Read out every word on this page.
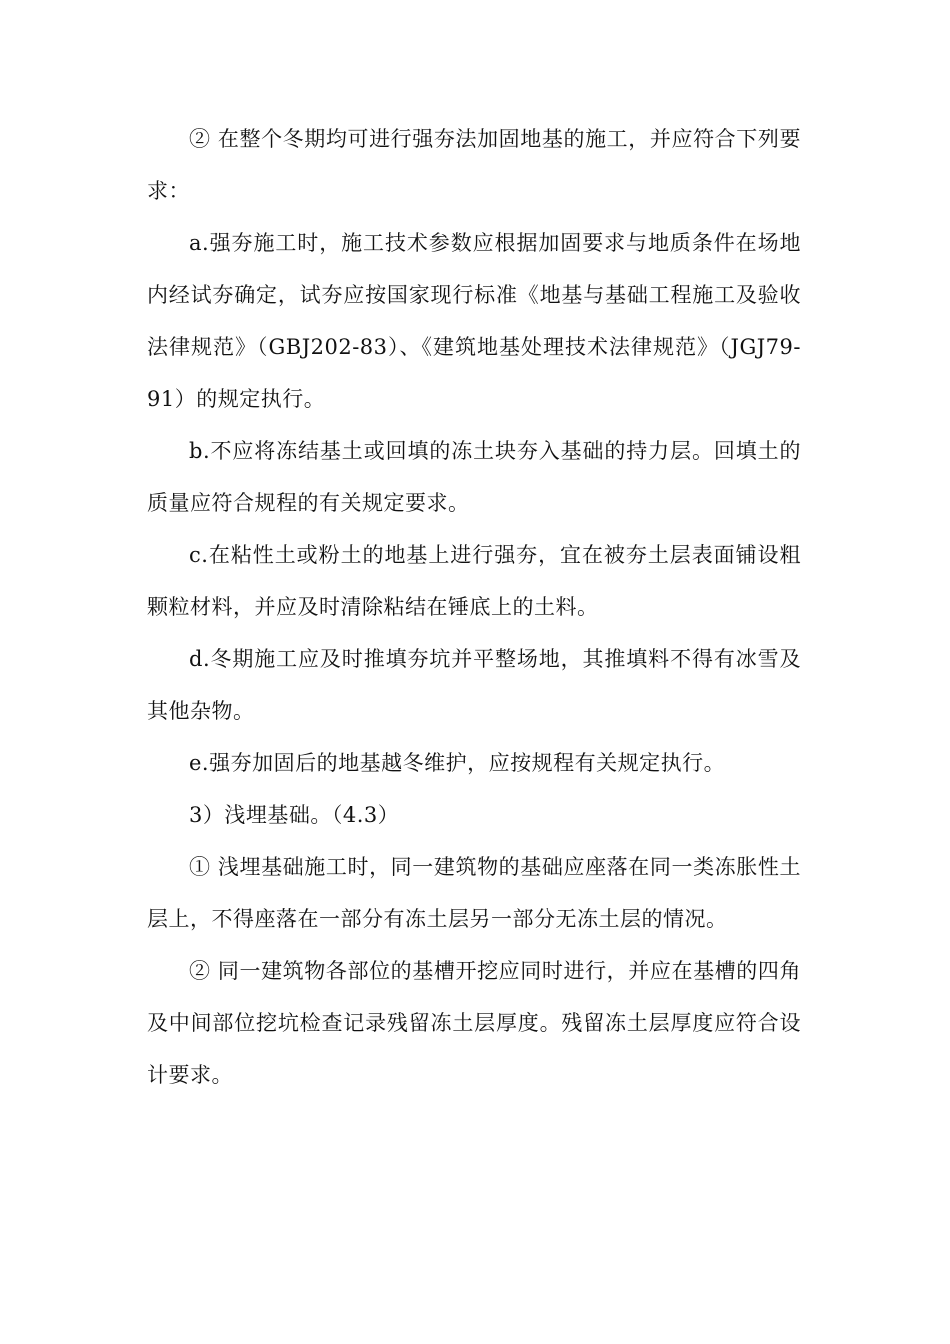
② 在整个冬期均可进行强夯法加固地基的施工，并应符合下列要求：

a.强夯施工时，施工技术参数应根据加固要求与地质条件在场地内经试夯确定，试夯应按国家现行标准《地基与基础工程施工及验收法律规范》（GBJ202-83）、《建筑地基处理技术法律规范》（JGJ79-91）的规定执行。

b.不应将冻结基土或回填的冻土块夯入基础的持力层。回填土的质量应符合规程的有关规定要求。

c.在粘性土或粉土的地基上进行强夯，宜在被夯土层表面铺设粗颗粒材料，并应及时清除粘结在锤底上的土料。

d.冬期施工应及时推填夯坑并平整场地，其推填料不得有冰雪及其他杂物。

e.强夯加固后的地基越冬维护，应按规程有关规定执行。

3）浅埋基础。（4.3）

① 浅埋基础施工时，同一建筑物的基础应座落在同一类冻胀性土层上，不得座落在一部分有冻土层另一部分无冻土层的情况。

② 同一建筑物各部位的基槽开挖应同时进行，并应在基槽的四角及中间部位挖坑检查记录残留冻土层厚度。残留冻土层厚度应符合设计要求。
